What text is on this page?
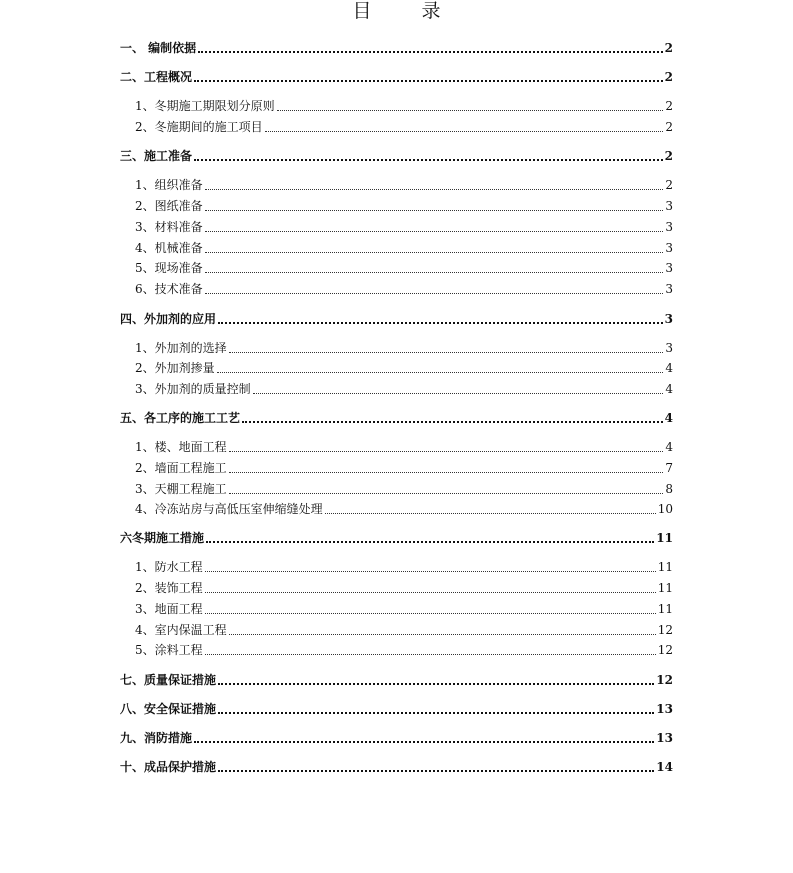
目 录
一、 编制依据	2
二、工程概况	2
1、冬期施工期限划分原则	2
2、冬施期间的施工项目	2
三、施工准备	2
1、组织准备	2
2、图纸准备	3
3、材料准备	3
4、机械准备	3
5、现场准备	3
6、技术准备	3
四、外加剂的应用	3
1、外加剂的选择	3
2、外加剂掺量	4
3、外加剂的质量控制	4
五、各工序的施工工艺	4
1、楼、地面工程	4
2、墙面工程施工	7
3、天棚工程施工	8
4、冷冻站房与高低压室伸缩缝处理	10
六冬期施工措施	11
1、防水工程	11
2、装饰工程	11
3、地面工程	11
4、室内保温工程	12
5、涂料工程	12
七、质量保证措施	12
八、安全保证措施	13
九、消防措施	13
十、成品保护措施	14
